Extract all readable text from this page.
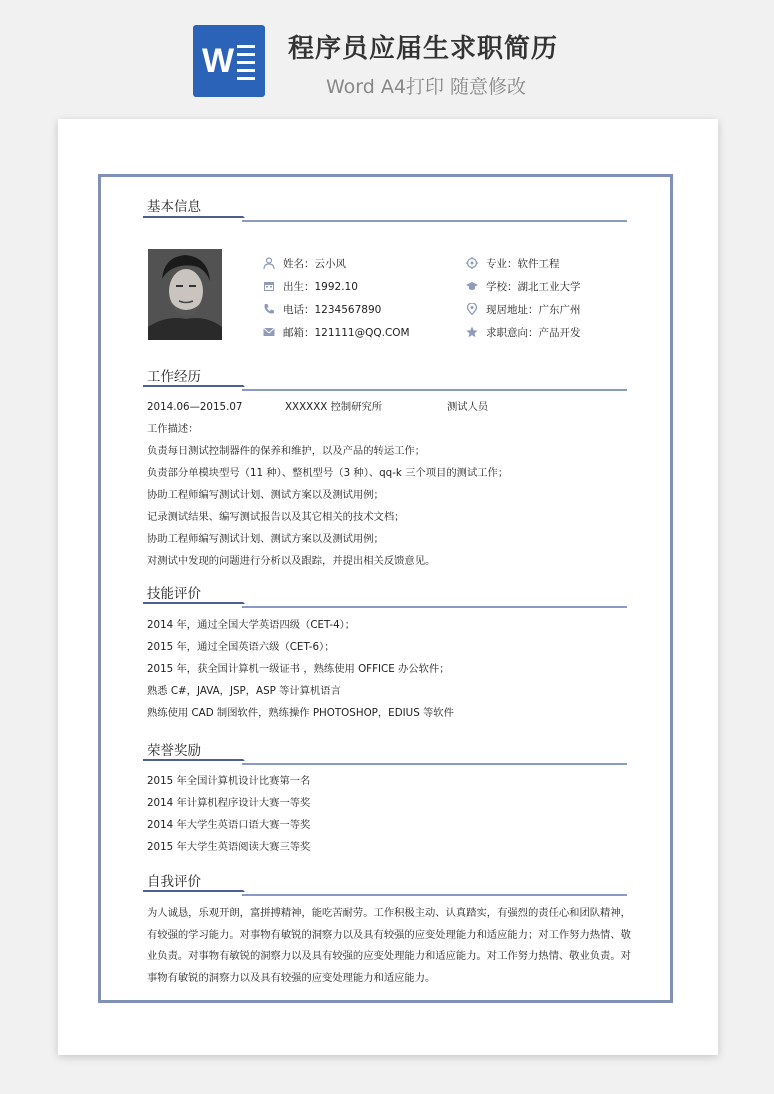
W 程序员应届生求职简历
Word A4打印 随意修改
基本信息
姓名：云小风
出生：1992.10
电话：1234567890
邮箱：121111@QQ.COM
专业：软件工程
学校：湖北工业大学
现居地址：广东广州
求职意向：产品开发
工作经历
2014.06—2015.07	XXXXXX 控制研究所	测试人员
工作描述：
负责每日测试控制器件的保养和维护，以及产品的转运工作；
负责部分单模块型号（11 种）、整机型号（3 种）、qq-k 三个项目的测试工作；
协助工程师编写测试计划、测试方案以及测试用例；
记录测试结果、编写测试报告以及其它相关的技术文档；
协助工程师编写测试计划、测试方案以及测试用例；
对测试中发现的问题进行分析以及跟踪，并提出相关反馈意见。
技能评价
2014 年，通过全国大学英语四级（CET-4）；
2015 年，通过全国英语六级（CET-6）；
2015 年，获全国计算机一级证书 ，熟练使用 OFFICE 办公软件；
熟悉 C#，JAVA，JSP，ASP 等计算机语言
熟练使用 CAD 制图软件，熟练操作 PHOTOSHOP，EDIUS 等软件
荣誉奖励
2015 年全国计算机设计比赛第一名
2014 年计算机程序设计大赛一等奖
2014 年大学生英语口语大赛一等奖
2015 年大学生英语阅读大赛三等奖
自我评价
为人诚恳，乐观开朗，富拼搏精神，能吃苦耐劳。工作积极主动、认真踏实，有强烈的责任心和团队精神，
有较强的学习能力。对事物有敏锐的洞察力以及具有较强的应变处理能力和适应能力；对工作努力热情、敬
业负责。对事物有敏锐的洞察力以及具有较强的应变处理能力和适应能力。对工作努力热情、敬业负责。对
事物有敏锐的洞察力以及具有较强的应变处理能力和适应能力。
